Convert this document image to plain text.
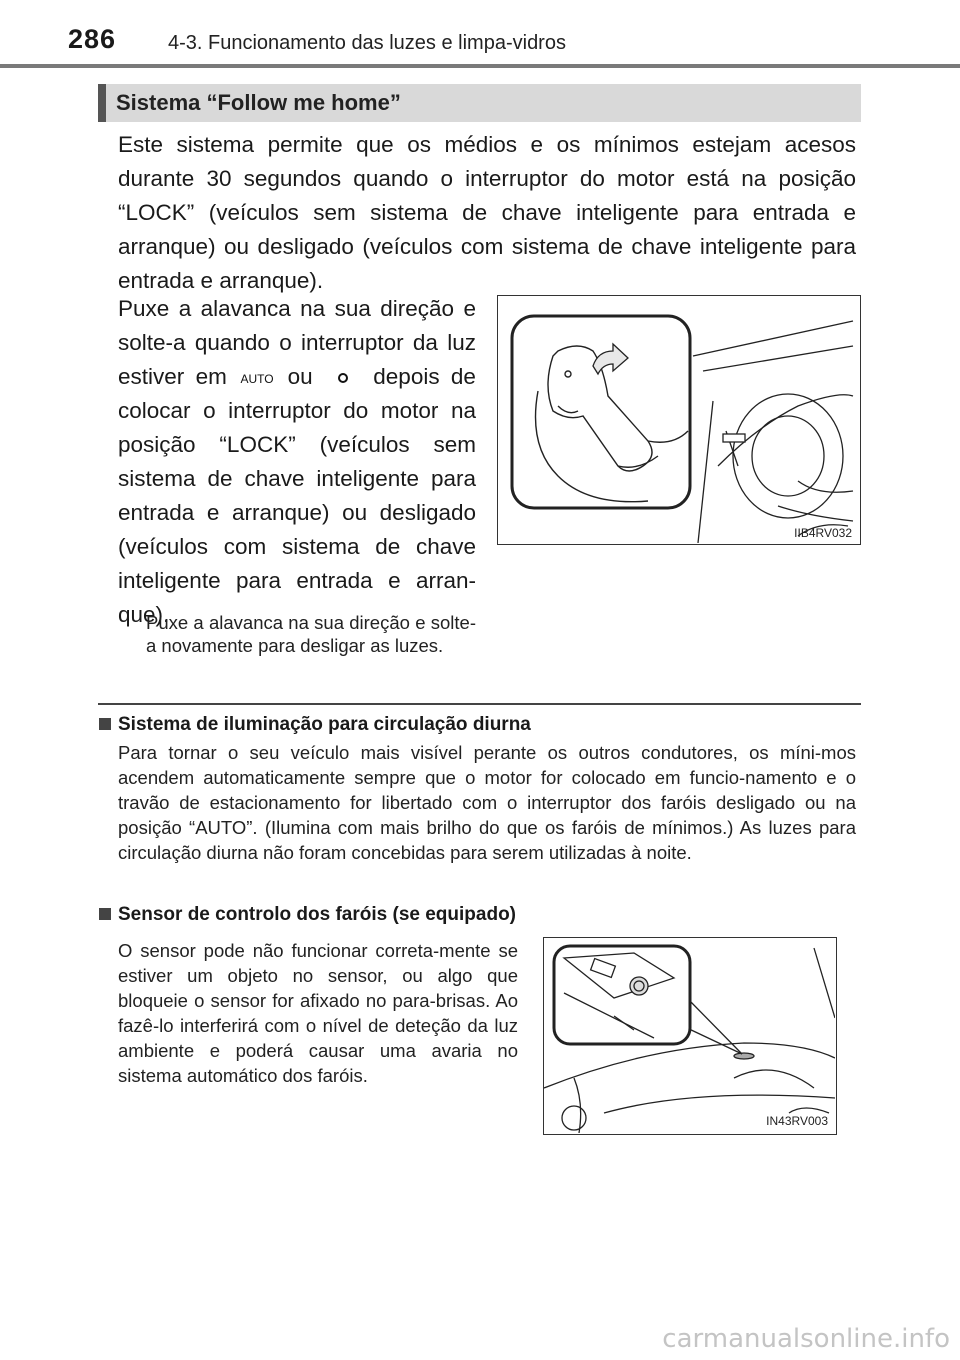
286	4-3. Funcionamento das luzes e limpa-vidros
Sistema “Follow me home”
Este sistema permite que os médios e os mínimos estejam acesos durante 30 segundos quando o interruptor do motor está na posição “LOCK” (veículos sem sistema de chave inteligente para entrada e arranque) ou desligado (veículos com sistema de chave inteligente para entrada e arranque).
Puxe a alavanca na sua direção e solte-a quando o interruptor da luz estiver em AUTO ou	depois de colocar o interruptor do motor na posição “LOCK” (veículos sem sistema de chave inteligente para entrada e arranque) ou desligado (veículos com sistema de chave inteligente para entrada e arran-que).
Puxe a alavanca na sua direção e solte-a novamente para desligar as luzes.
IIB4RV032
Sistema de iluminação para circulação diurna
Para tornar o seu veículo mais visível perante os outros condutores, os míni-mos acendem automaticamente sempre que o motor for colocado em funcio-namento e o travão de estacionamento for libertado com o interruptor dos faróis desligado ou na posição “AUTO”. (Ilumina com mais brilho do que os faróis de mínimos.) As luzes para circulação diurna não foram concebidas para serem utilizadas à noite.
Sensor de controlo dos faróis (se equipado)
O sensor pode não funcionar correta-mente se estiver um objeto no sensor, ou algo que bloqueie o sensor for afixado no para-brisas. Ao fazê-lo interferirá com o nível de deteção da luz ambiente e poderá causar uma avaria no sistema automático dos faróis.
IN43RV003
carmanualsonline.info
